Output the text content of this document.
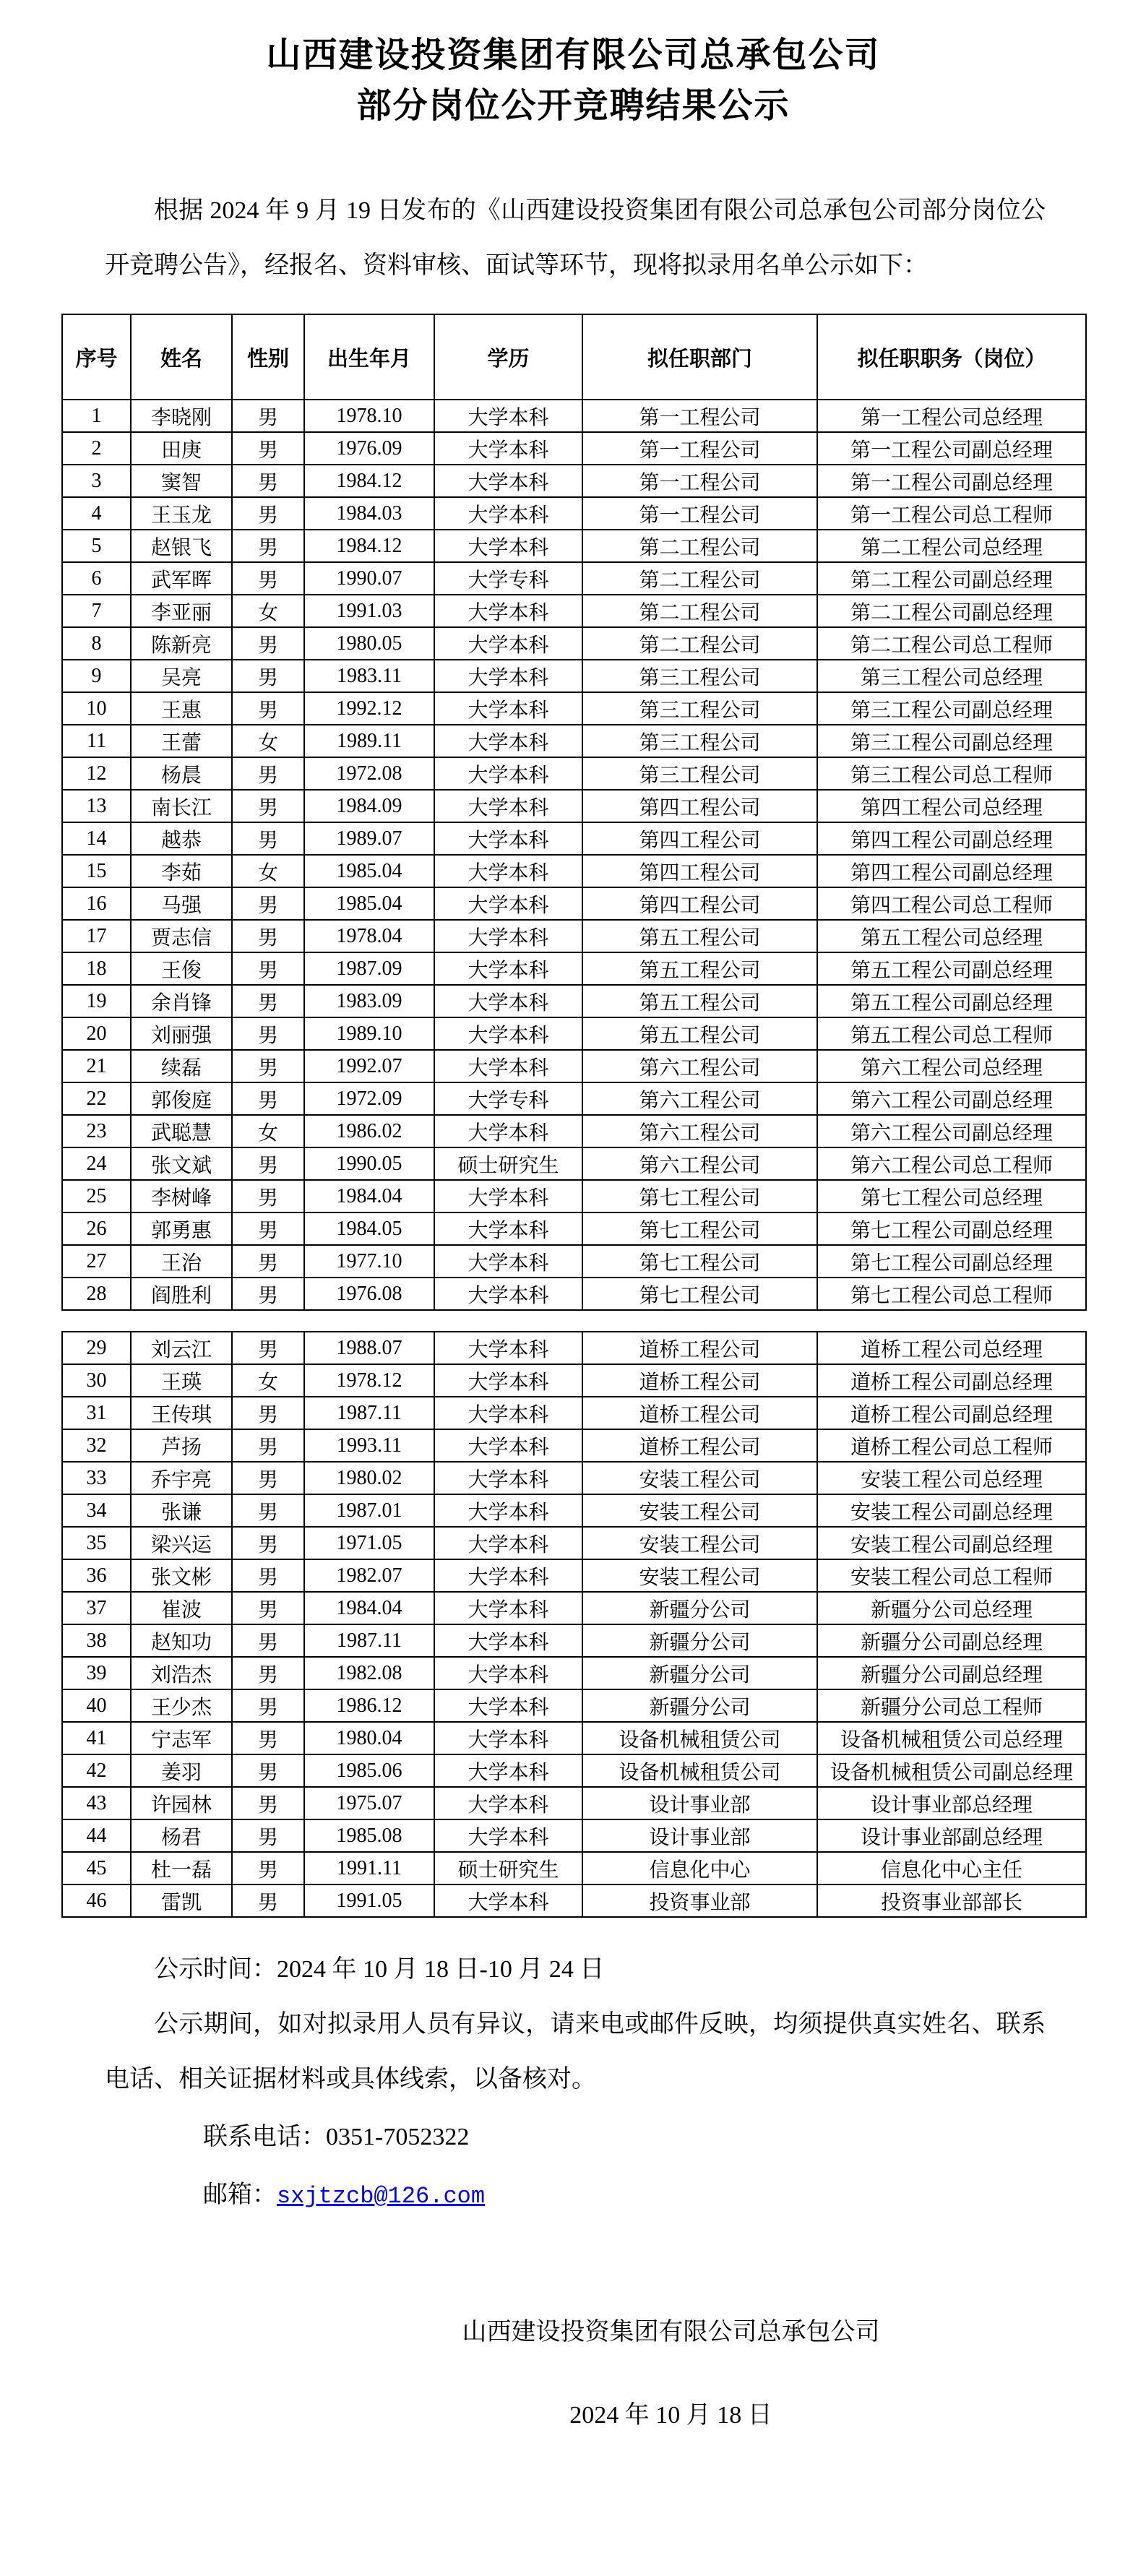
山西建设投资集团有限公司总承包公司
部分岗位公开竞聘结果公示

根据 2024 年 9 月 19 日发布的《山西建设投资集团有限公司总承包公司部分岗位公开竞聘公告》，经报名、资料审核、面试等环节，现将拟录用名单公示如下：

序号	姓名	性别	出生年月	学历	拟任职部门	拟任职职务（岗位）
1	李晓刚	男	1978.10	大学本科	第一工程公司	第一工程公司总经理
2	田庚	男	1976.09	大学本科	第一工程公司	第一工程公司副总经理
3	窦智	男	1984.12	大学本科	第一工程公司	第一工程公司副总经理
4	王玉龙	男	1984.03	大学本科	第一工程公司	第一工程公司总工程师
5	赵银飞	男	1984.12	大学本科	第二工程公司	第二工程公司总经理
6	武军晖	男	1990.07	大学专科	第二工程公司	第二工程公司副总经理
7	李亚丽	女	1991.03	大学本科	第二工程公司	第二工程公司副总经理
8	陈新亮	男	1980.05	大学本科	第二工程公司	第二工程公司总工程师
9	吴亮	男	1983.11	大学本科	第三工程公司	第三工程公司总经理
10	王惠	男	1992.12	大学本科	第三工程公司	第三工程公司副总经理
11	王蕾	女	1989.11	大学本科	第三工程公司	第三工程公司副总经理
12	杨晨	男	1972.08	大学本科	第三工程公司	第三工程公司总工程师
13	南长江	男	1984.09	大学本科	第四工程公司	第四工程公司总经理
14	越恭	男	1989.07	大学本科	第四工程公司	第四工程公司副总经理
15	李茹	女	1985.04	大学本科	第四工程公司	第四工程公司副总经理
16	马强	男	1985.04	大学本科	第四工程公司	第四工程公司总工程师
17	贾志信	男	1978.04	大学本科	第五工程公司	第五工程公司总经理
18	王俊	男	1987.09	大学本科	第五工程公司	第五工程公司副总经理
19	余肖锋	男	1983.09	大学本科	第五工程公司	第五工程公司副总经理
20	刘丽强	男	1989.10	大学本科	第五工程公司	第五工程公司总工程师
21	续磊	男	1992.07	大学本科	第六工程公司	第六工程公司总经理
22	郭俊庭	男	1972.09	大学专科	第六工程公司	第六工程公司副总经理
23	武聪慧	女	1986.02	大学本科	第六工程公司	第六工程公司副总经理
24	张文斌	男	1990.05	硕士研究生	第六工程公司	第六工程公司总工程师
25	李树峰	男	1984.04	大学本科	第七工程公司	第七工程公司总经理
26	郭勇惠	男	1984.05	大学本科	第七工程公司	第七工程公司副总经理
27	王治	男	1977.10	大学本科	第七工程公司	第七工程公司副总经理
28	阎胜利	男	1976.08	大学本科	第七工程公司	第七工程公司总工程师
29	刘云江	男	1988.07	大学本科	道桥工程公司	道桥工程公司总经理
30	王瑛	女	1978.12	大学本科	道桥工程公司	道桥工程公司副总经理
31	王传琪	男	1987.11	大学本科	道桥工程公司	道桥工程公司副总经理
32	芦扬	男	1993.11	大学本科	道桥工程公司	道桥工程公司总工程师
33	乔宇亮	男	1980.02	大学本科	安装工程公司	安装工程公司总经理
34	张谦	男	1987.01	大学本科	安装工程公司	安装工程公司副总经理
35	梁兴运	男	1971.05	大学本科	安装工程公司	安装工程公司副总经理
36	张文彬	男	1982.07	大学本科	安装工程公司	安装工程公司总工程师
37	崔波	男	1984.04	大学本科	新疆分公司	新疆分公司总经理
38	赵知功	男	1987.11	大学本科	新疆分公司	新疆分公司副总经理
39	刘浩杰	男	1982.08	大学本科	新疆分公司	新疆分公司副总经理
40	王少杰	男	1986.12	大学本科	新疆分公司	新疆分公司总工程师
41	宁志军	男	1980.04	大学本科	设备机械租赁公司	设备机械租赁公司总经理
42	姜羽	男	1985.06	大学本科	设备机械租赁公司	设备机械租赁公司副总经理
43	许园林	男	1975.07	大学本科	设计事业部	设计事业部总经理
44	杨君	男	1985.08	大学本科	设计事业部	设计事业部副总经理
45	杜一磊	男	1991.11	硕士研究生	信息化中心	信息化中心主任
46	雷凯	男	1991.05	大学本科	投资事业部	投资事业部部长

公示时间：2024 年 10 月 18 日-10 月 24 日

公示期间，如对拟录用人员有异议，请来电或邮件反映，均须提供真实姓名、联系电话、相关证据材料或具体线索，以备核对。

联系电话：0351-7052322

邮箱：sxjtzcb@126.com

山西建设投资集团有限公司总承包公司

2024 年 10 月 18 日
